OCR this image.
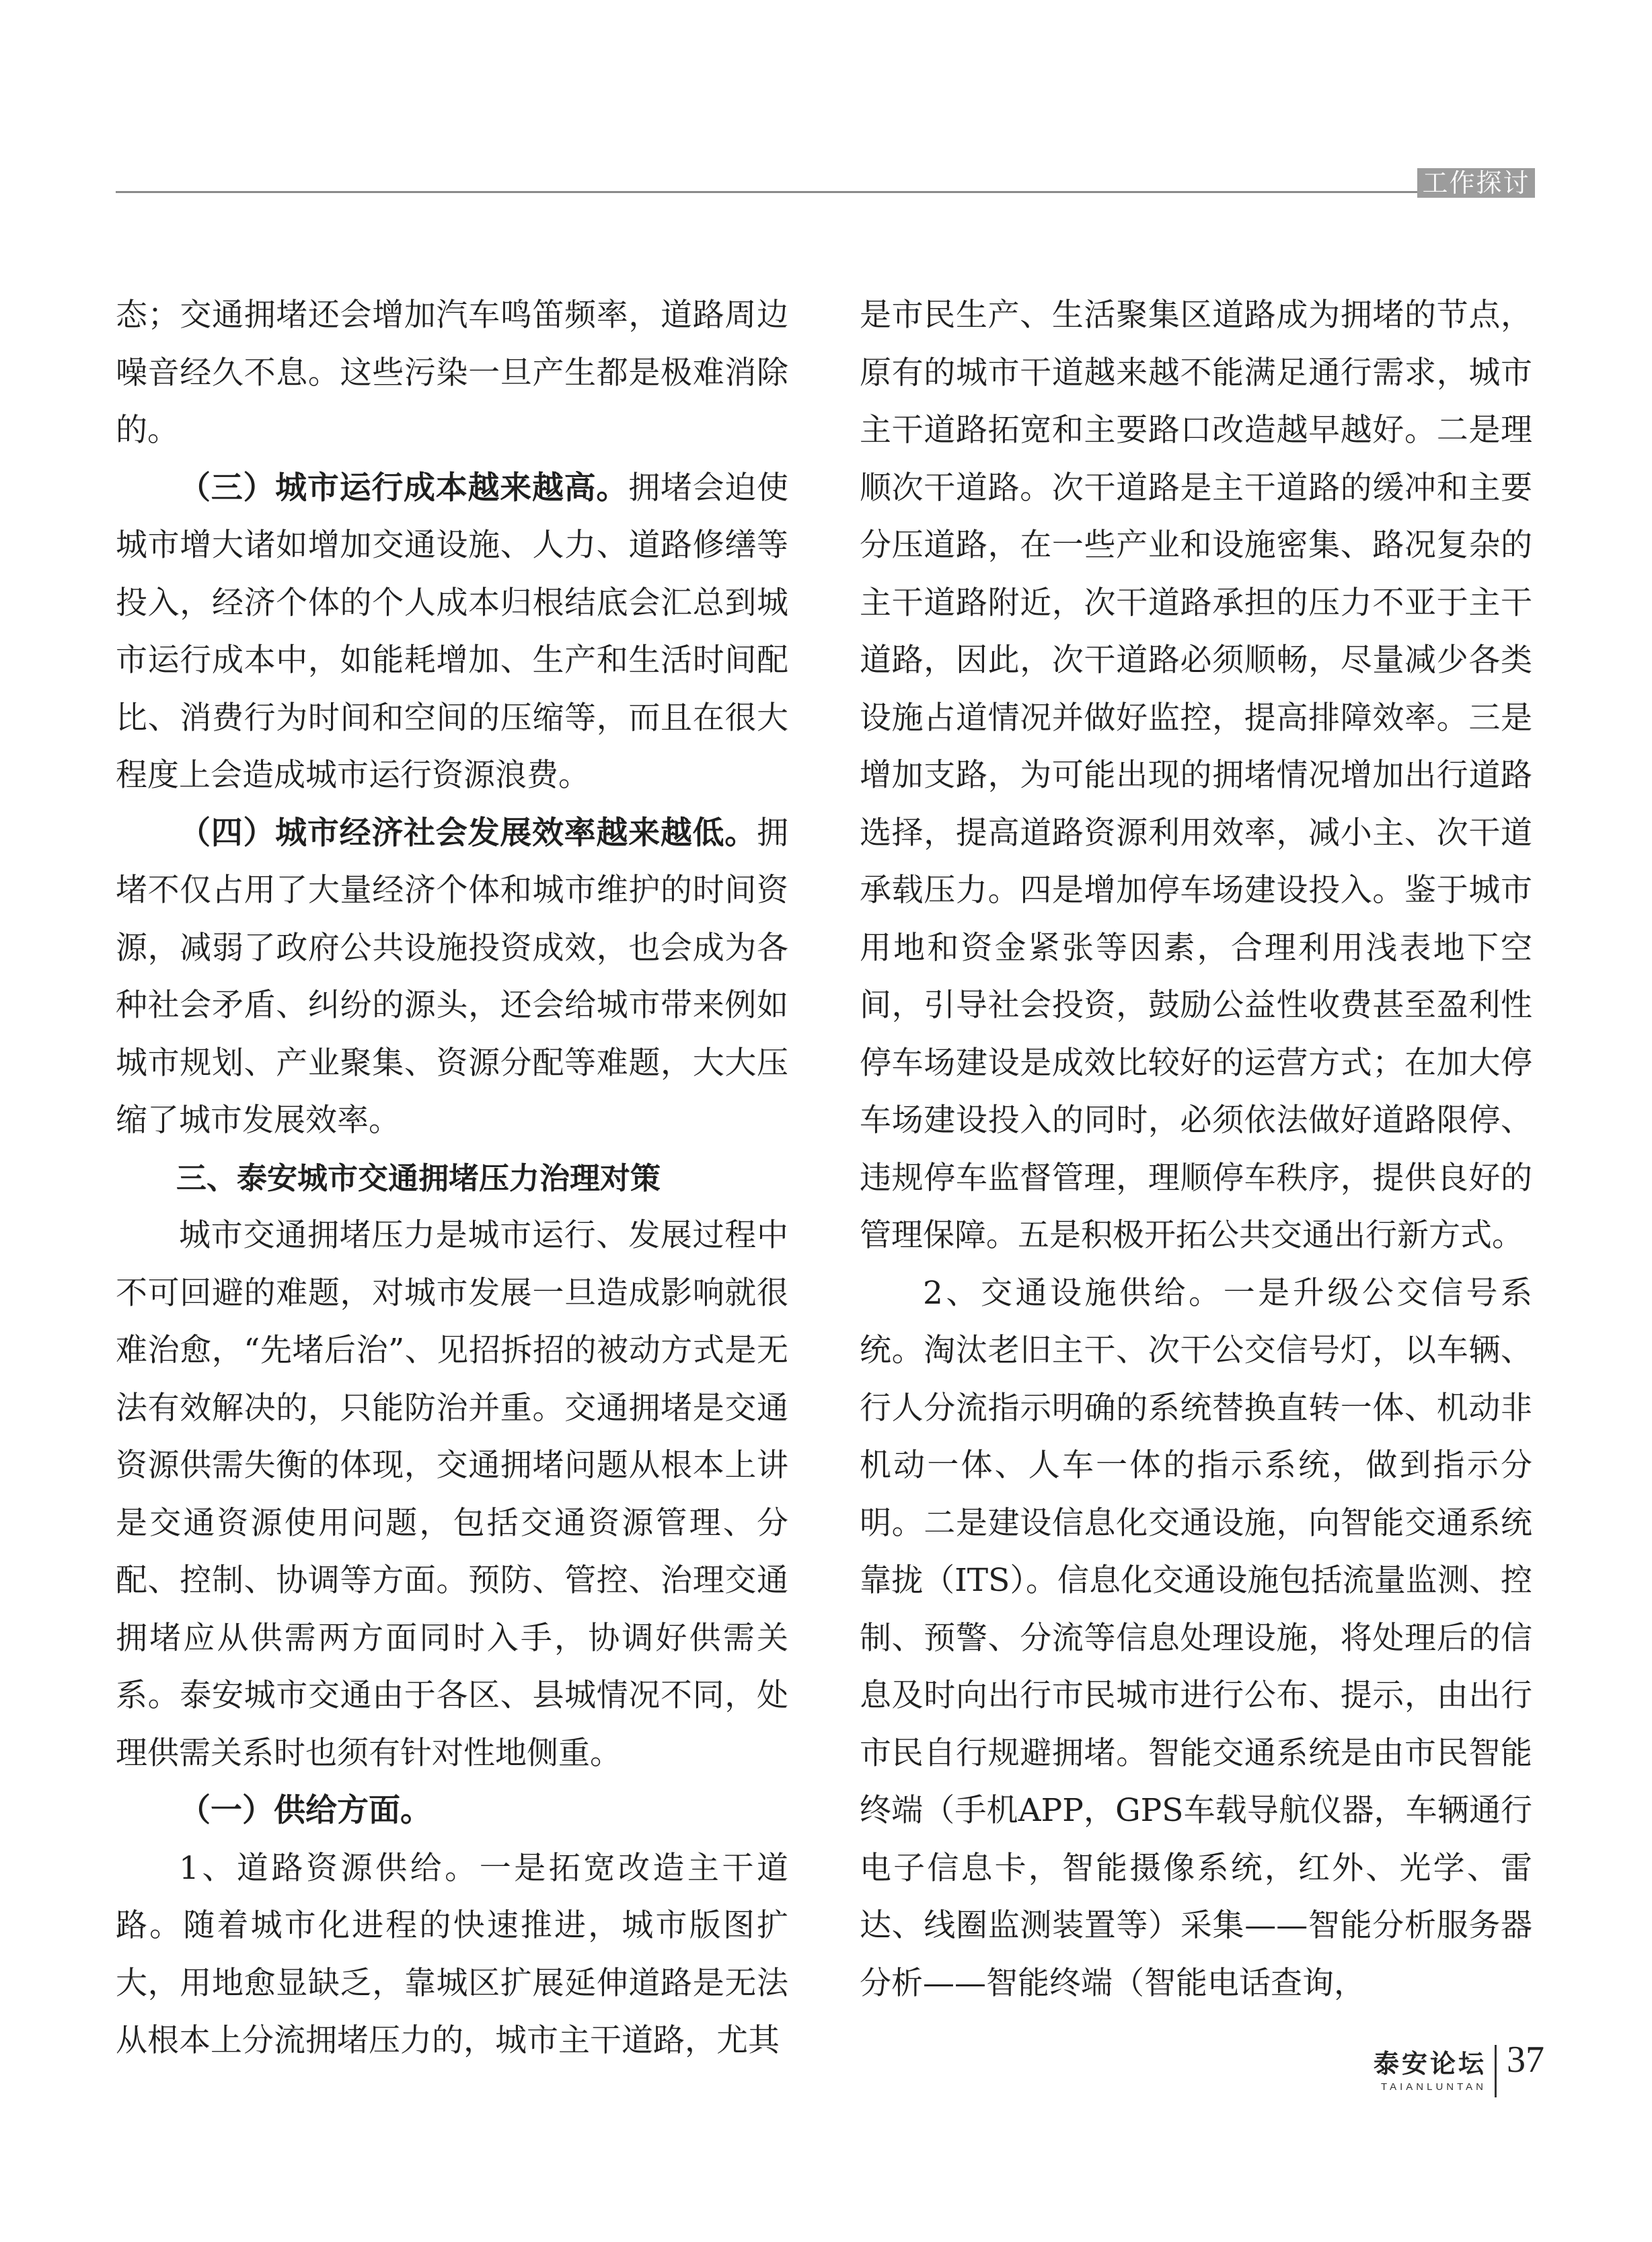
工作探讨

态；交通拥堵还会增加汽车鸣笛频率，道路周边噪音经久不息。这些污染一旦产生都是极难消除的。

（三）城市运行成本越来越高。拥堵会迫使城市增大诸如增加交通设施、人力、道路修缮等投入，经济个体的个人成本归根结底会汇总到城市运行成本中，如能耗增加、生产和生活时间配比、消费行为时间和空间的压缩等，而且在很大程度上会造成城市运行资源浪费。

（四）城市经济社会发展效率越来越低。拥堵不仅占用了大量经济个体和城市维护的时间资源，减弱了政府公共设施投资成效，也会成为各种社会矛盾、纠纷的源头，还会给城市带来例如城市规划、产业聚集、资源分配等难题，大大压缩了城市发展效率。

三、泰安城市交通拥堵压力治理对策

城市交通拥堵压力是城市运行、发展过程中不可回避的难题，对城市发展一旦造成影响就很难治愈，“先堵后治”、见招拆招的被动方式是无法有效解决的，只能防治并重。交通拥堵是交通资源供需失衡的体现，交通拥堵问题从根本上讲是交通资源使用问题，包括交通资源管理、分配、控制、协调等方面。预防、管控、治理交通拥堵应从供需两方面同时入手，协调好供需关系。泰安城市交通由于各区、县城情况不同，处理供需关系时也须有针对性地侧重。

（一）供给方面。

1、道路资源供给。一是拓宽改造主干道路。随着城市化进程的快速推进，城市版图扩大，用地愈显缺乏，靠城区扩展延伸道路是无法从根本上分流拥堵压力的，城市主干道路，尤其

是市民生产、生活聚集区道路成为拥堵的节点，原有的城市干道越来越不能满足通行需求，城市主干道路拓宽和主要路口改造越早越好。二是理顺次干道路。次干道路是主干道路的缓冲和主要分压道路，在一些产业和设施密集、路况复杂的主干道路附近，次干道路承担的压力不亚于主干道路，因此，次干道路必须顺畅，尽量减少各类设施占道情况并做好监控，提高排障效率。三是增加支路，为可能出现的拥堵情况增加出行道路选择，提高道路资源利用效率，减小主、次干道承载压力。四是增加停车场建设投入。鉴于城市用地和资金紧张等因素，合理利用浅表地下空间，引导社会投资，鼓励公益性收费甚至盈利性停车场建设是成效比较好的运营方式；在加大停车场建设投入的同时，必须依法做好道路限停、违规停车监督管理，理顺停车秩序，提供良好的管理保障。五是积极开拓公共交通出行新方式。

2、交通设施供给。一是升级公交信号系统。淘汰老旧主干、次干公交信号灯，以车辆、行人分流指示明确的系统替换直转一体、机动非机动一体、人车一体的指示系统，做到指示分明。二是建设信息化交通设施，向智能交通系统靠拢（ITS）。信息化交通设施包括流量监测、控制、预警、分流等信息处理设施，将处理后的信息及时向出行市民城市进行公布、提示，由出行市民自行规避拥堵。智能交通系统是由市民智能终端（手机APP，GPS车载导航仪器，车辆通行电子信息卡，智能摄像系统，红外、光学、雷达、线圈监测装置等）采集——智能分析服务器分析——智能终端（智能电话查询，

泰安论坛
TAIANLUNTAN
37
